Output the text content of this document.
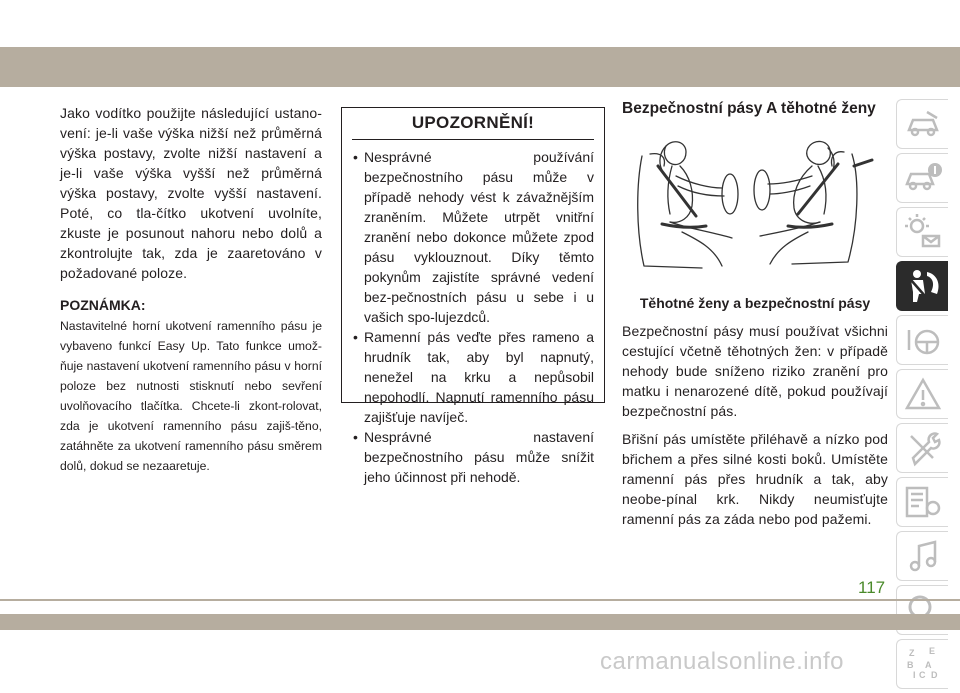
Jako vodítko použijte následující ustano-vení: je-li vaše výška nižší než průměrná výška postavy, zvolte nižší nastavení a je-li vaše výška vyšší než průměrná výška postavy, zvolte vyšší nastavení. Poté, co tla-čítko ukotvení uvolníte, zkuste je posunout nahoru nebo dolů a zkontrolujte tak, zda je zaaretováno v požadované poloze.

POZNÁMKA:

Nastavitelné horní ukotvení ramenního pásu je vybaveno funkcí Easy Up. Tato funkce umož-ňuje nastavení ukotvení ramenního pásu v horní poloze bez nutnosti stisknutí nebo sevření uvolňovacího tlačítka. Chcete-li zkont-rolovat, zda je ukotvení ramenního pásu zajiš-těno, zatáhněte za ukotvení ramenního pásu směrem dolů, dokud se nezaaretuje.

UPOZORNĚNÍ!
• Nesprávné používání bezpečnostního pásu může v případě nehody vést k závažnějším zraněním. Můžete utrpět vnitřní zranění nebo dokonce můžete zpod pásu vyklouznout. Díky těmto pokynům zajistíte správné vedení bez-pečnostních pásu u sebe i u vašich spo-lujezdců.
• Ramenní pás veďte přes rameno a hrudník tak, aby byl napnutý, nenežel na krku a nepůsobil nepohodlí. Napnutí ramenního pásu zajišťuje navíječ.
• Nesprávné nastavení bezpečnostního pásu může snížit jeho účinnost při nehodě.
Bezpečnostní pásy A těhotné ženy
Těhotné ženy a bezpečnostní pásy

Bezpečnostní pásy musí používat všichni cestující včetně těhotných žen: v případě nehody bude sníženo riziko zranění pro matku i nenarozené dítě, pokud používají bezpečnostní pás.

Břišní pás umístěte přiléhavě a nízko pod břichem a přes silné kosti boků. Umístěte ramenní pás přes hrudník a tak, aby neobe-pínal krk. Nikdy neumisťujte ramenní pás za záda nebo pod pažemi.

Z E
B A
I C D
117
carmanualsonline.info
